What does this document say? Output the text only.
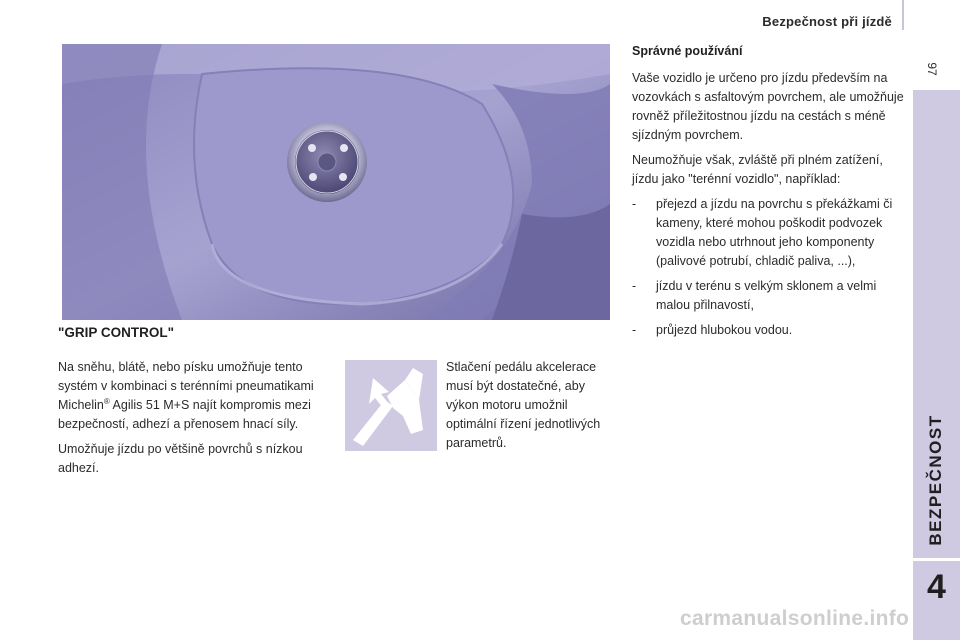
Bezpečnost při jízdě
97
BEZPEČNOST
4
"GRIP CONTROL"

Na sněhu, blátě, nebo písku umožňuje tento systém v kombinaci s terénními pneumatikami Michelin® Agilis 51 M+S najít kompromis mezi bezpečností, adhezí a přenosem hnací síly.

Umožňuje jízdu po většině povrchů s nízkou adhezí.

Stlačení pedálu akcelerace musí být dostatečné, aby výkon motoru umožnil optimální řízení jednotlivých parametrů.

Správné používání

Vaše vozidlo je určeno pro jízdu především na vozovkách s asfaltovým povrchem, ale umožňuje rovněž příležitostnou jízdu na cestách s méně sjízdným povrchem.

Neumožňuje však, zvláště při plném zatížení, jízdu jako "terénní vozidlo", například:

- přejezd a jízdu na povrchu s překážkami či kameny, které mohou poškodit podvozek vozidla nebo utrhnout jeho komponenty (palivové potrubí, chladič paliva, ...),
- jízdu v terénu s velkým sklonem a velmi malou přilnavostí,
- průjezd hlubokou vodou.
carmanualsonline.info
